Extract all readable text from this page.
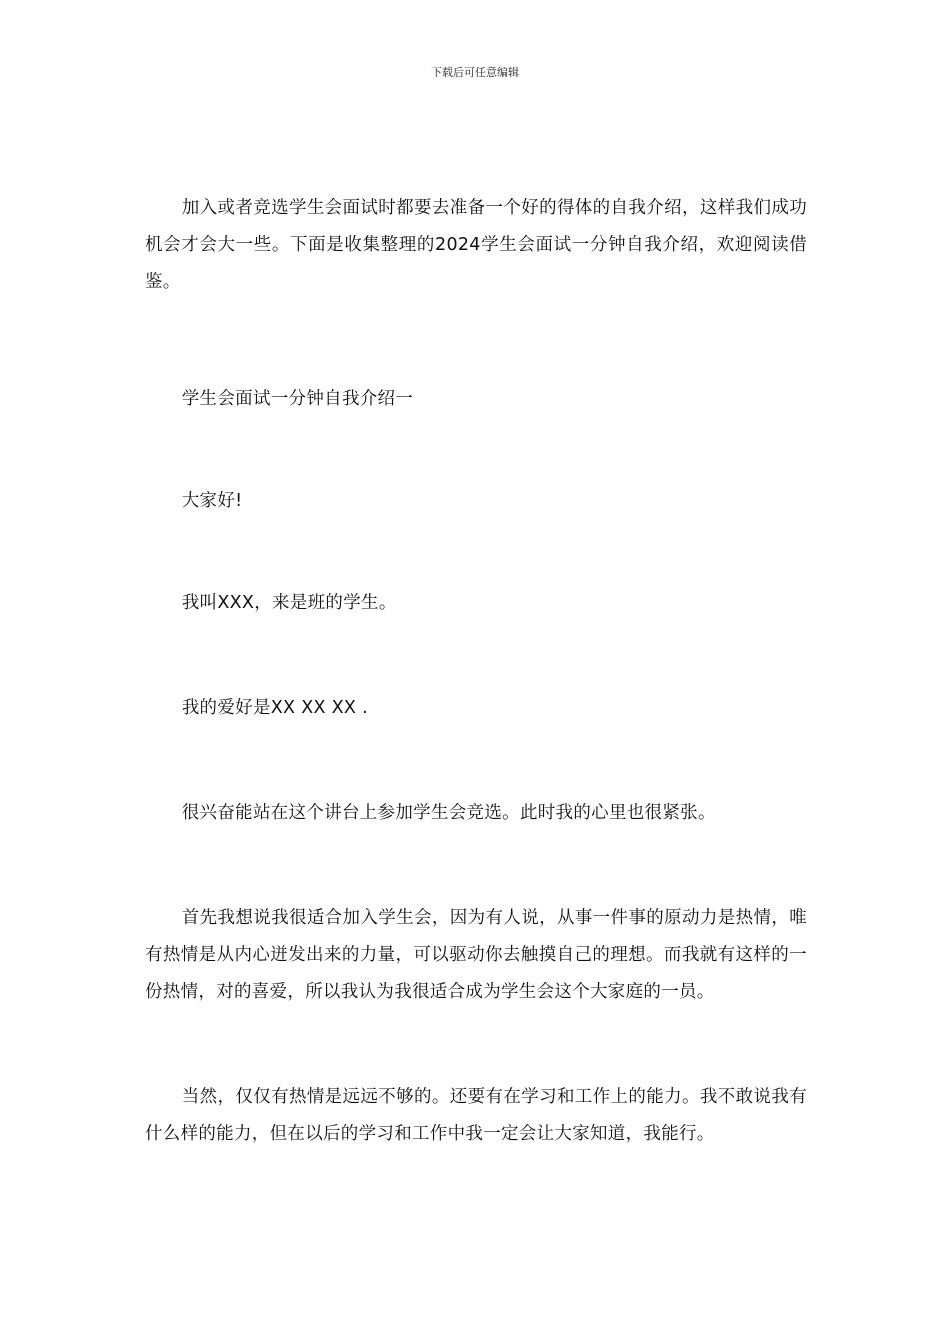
下载后可任意编辑

加入或者竞选学生会面试时都要去准备一个好的得体的自我介绍，这样我们成功机会才会大一些。下面是收集整理的2024学生会面试一分钟自我介绍，欢迎阅读借鉴。

学生会面试一分钟自我介绍一

大家好!

我叫XXX，来是班的学生。

我的爱好是XX XX XX .

很兴奋能站在这个讲台上参加学生会竞选。此时我的心里也很紧张。

首先我想说我很适合加入学生会，因为有人说，从事一件事的原动力是热情，唯有热情是从内心迸发出来的力量，可以驱动你去触摸自己的理想。而我就有这样的一份热情，对的喜爱，所以我认为我很适合成为学生会这个大家庭的一员。

当然，仅仅有热情是远远不够的。还要有在学习和工作上的能力。我不敢说我有什么样的能力，但在以后的学习和工作中我一定会让大家知道，我能行。
